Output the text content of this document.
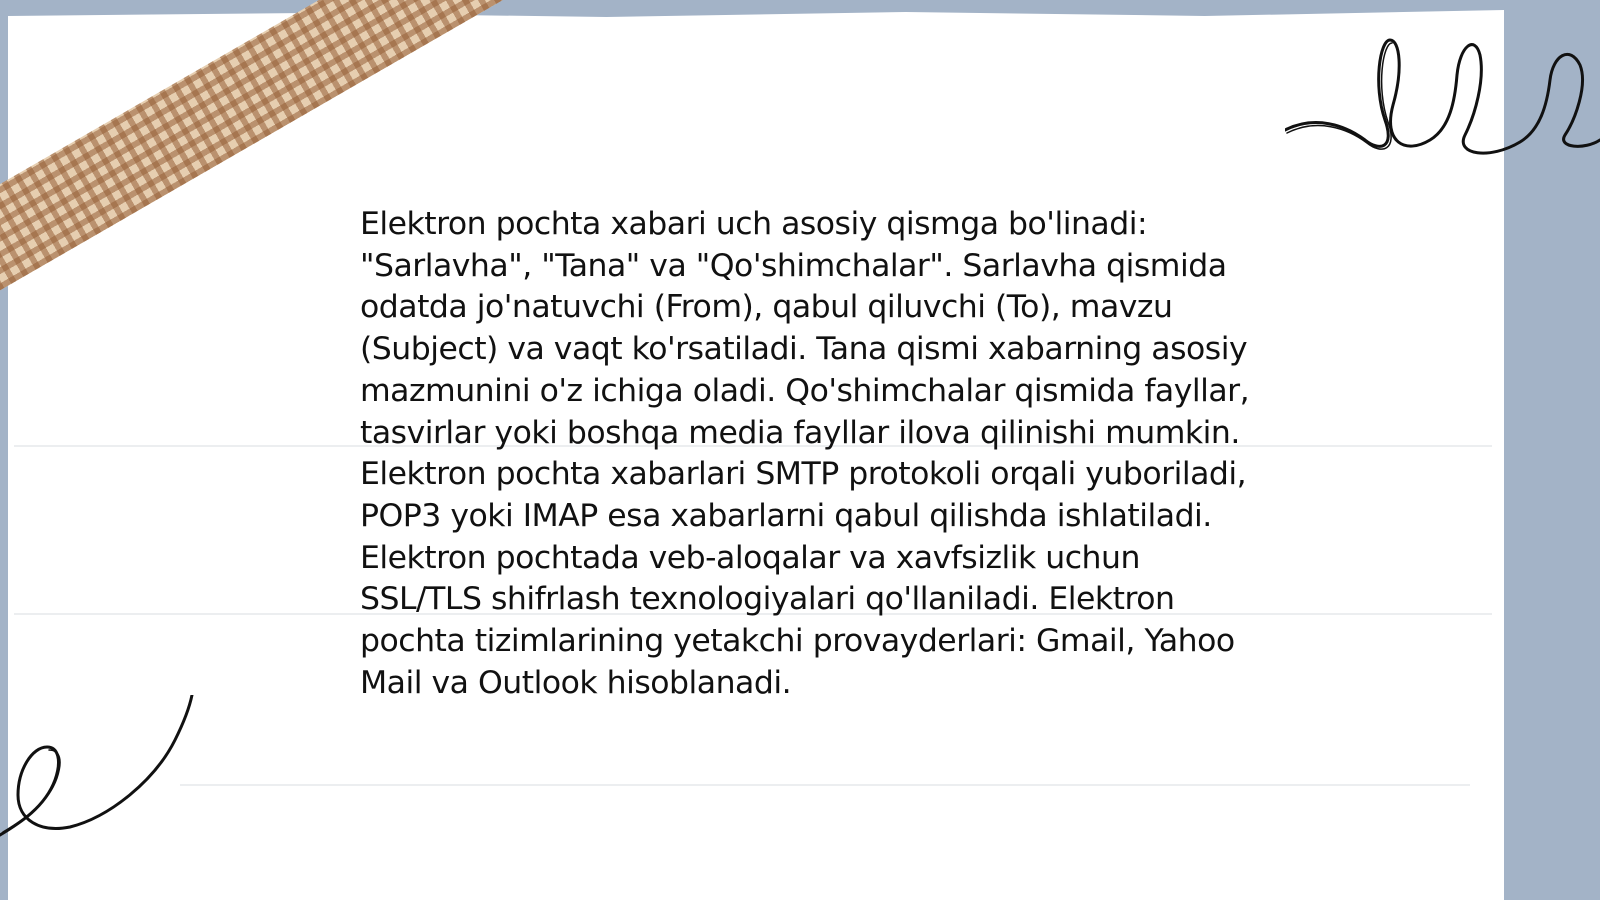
Elektron pochta xabari uch asosiy qismga bo'linadi: "Sarlavha", "Tana" va "Qo'shimchalar". Sarlavha qismida odatda jo'natuvchi (From), qabul qiluvchi (To), mavzu (Subject) va vaqt ko'rsatiladi. Tana qismi xabarning asosiy mazmunini o'z ichiga oladi. Qo'shimchalar qismida fayllar, tasvirlar yoki boshqa media fayllar ilova qilinishi mumkin. Elektron pochta xabarlari SMTP protokoli orqali yuboriladi, POP3 yoki IMAP esa xabarlarni qabul qilishda ishlatiladi. Elektron pochtada veb-aloqalar va xavfsizlik uchun SSL/TLS shifrlash texnologiyalari qo'llaniladi. Elektron pochta tizimlarining yetakchi provayderlari: Gmail, Yahoo Mail va Outlook hisoblanadi.
